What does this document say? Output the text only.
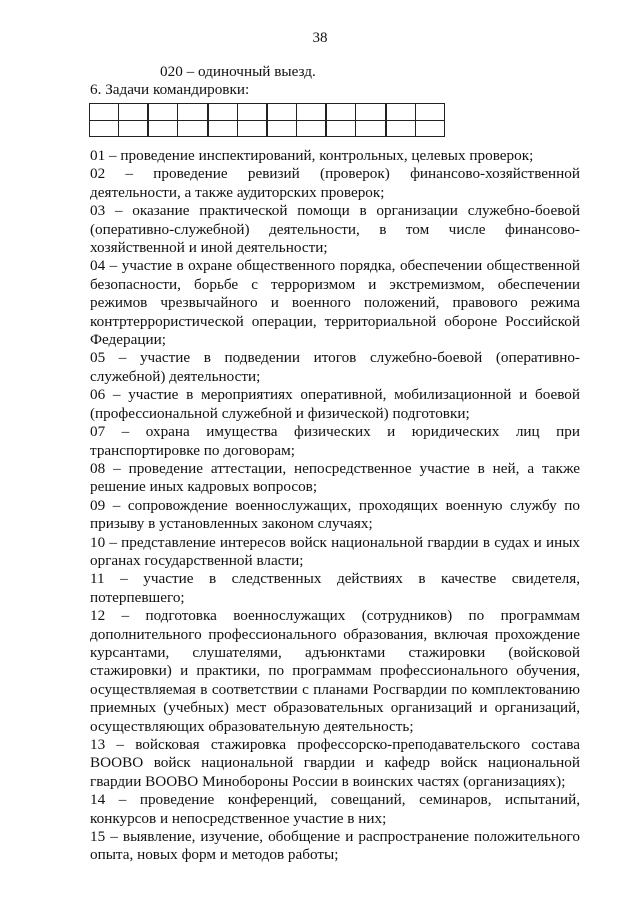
38
020 – одиночный выезд.
6. Задачи командировки:

01 – проведение инспектирований, контрольных, целевых проверок;

02 – проведение ревизий (проверок) финансово-хозяйственной деятельности, а также аудиторских проверок;

03 – оказание практической помощи в организации служебно-боевой (оперативно-служебной) деятельности, в том числе финансово-хозяйственной и иной деятельности;

04 – участие в охране общественного порядка, обеспечении общественной безопасности, борьбе с терроризмом и экстремизмом, обеспечении режимов чрезвычайного и военного положений, правового режима контртеррористической операции, территориальной обороне Российской Федерации;

05 – участие в подведении итогов служебно-боевой (оперативно-служебной) деятельности;

06 – участие в мероприятиях оперативной, мобилизационной и боевой (профессиональной служебной и физической) подготовки;

07 – охрана имущества физических и юридических лиц при транспортировке по договорам;

08 – проведение аттестации, непосредственное участие в ней, а также решение иных кадровых вопросов;

09 – сопровождение военнослужащих, проходящих военную службу по призыву в установленных законом случаях;

10 – представление интересов войск национальной гвардии в судах и иных органах государственной власти;

11 – участие в следственных действиях в качестве свидетеля, потерпевшего;

12 – подготовка военнослужащих (сотрудников) по программам дополнительного профессионального образования, включая прохождение курсантами, слушателями, адъюнктами стажировки (войсковой стажировки) и практики, по программам профессионального обучения, осуществляемая в соответствии с планами Росгвардии по комплектованию приемных (учебных) мест образовательных организаций и организаций, осуществляющих образовательную деятельность;

13 – войсковая стажировка профессорско-преподавательского состава ВООВО войск национальной гвардии и кафедр войск национальной гвардии ВООВО Минобороны России в воинских частях (организациях);

14 – проведение конференций, совещаний, семинаров, испытаний, конкурсов и непосредственное участие в них;

15 – выявление, изучение, обобщение и распространение положительного опыта, новых форм и методов работы;
